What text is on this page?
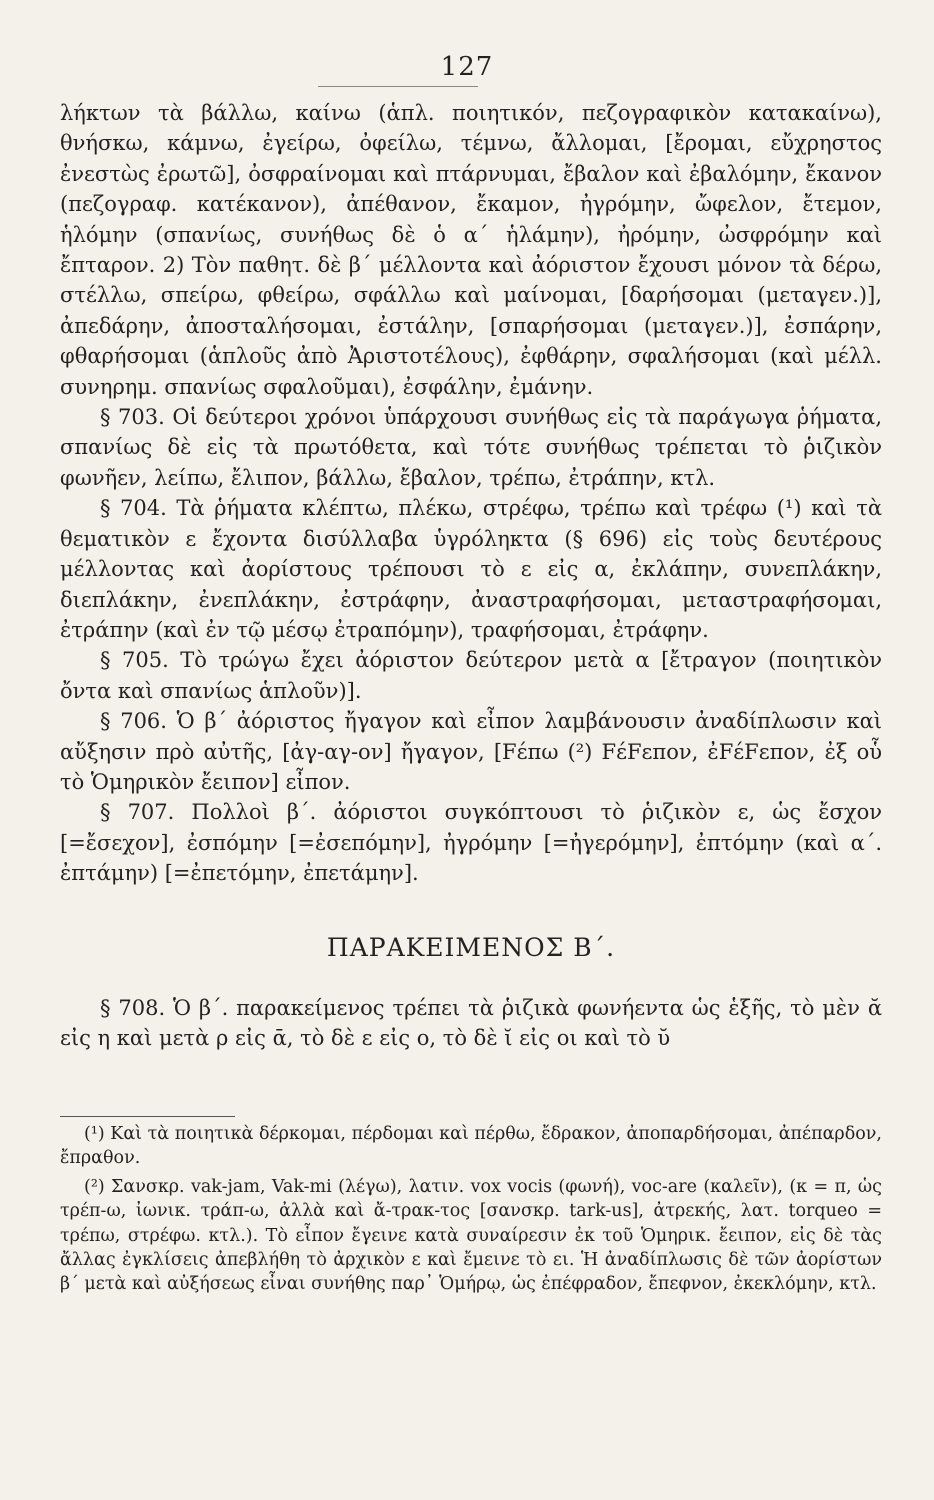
127

λήκτων τὰ βάλλω, καίνω (ἁπλ. ποιητικόν, πεζογραφικὸν κατακαίνω), θνήσκω, κάμνω, ἐγείρω, ὀφείλω, τέμνω, ἄλλομαι, [ἔρομαι, εὔχρηστος ἐνεστὼς ἐρωτῶ], ὀσφραίνομαι καὶ πτάρνυμαι, ἔβαλον καὶ ἐβαλόμην, ἔκανον (πεζογραφ. κατέκανον), ἀπέθανον, ἔκαμον, ἠγρόμην, ὤφελον, ἔτεμον, ἡλόμην (σπανίως, συνήθως δὲ ὁ α΄ ἡλάμην), ἠρόμην, ὠσφρόμην καὶ ἔπταρον. 2) Τὸν παθητ. δὲ β΄ μέλλοντα καὶ ἀόριστον ἔχουσι μόνον τὰ δέρω, στέλλω, σπείρω, φθείρω, σφάλλω καὶ μαίνομαι, [δαρήσομαι (μεταγεν.)], ἀπεδάρην, ἀποσταλήσομαι, ἐστάλην, [σπαρήσομαι (μεταγεν.)], ἐσπάρην, φθαρήσομαι (ἁπλοῦς ἀπὸ Ἀριστοτέλους), ἐφθάρην, σφαλήσομαι (καὶ μέλλ. συνηρημ. σπανίως σφαλοῦμαι), ἐσφάλην, ἐμάνην.

§ 703. Οἱ δεύτεροι χρόνοι ὑπάρχουσι συνήθως εἰς τὰ παράγωγα ῥήματα, σπανίως δὲ εἰς τὰ πρωτόθετα, καὶ τότε συνήθως τρέπεται τὸ ῥιζικὸν φωνῆεν, λείπω, ἔλιπον, βάλλω, ἔβαλον, τρέπω, ἐτράπην, κτλ.

§ 704. Τὰ ῥήματα κλέπτω, πλέκω, στρέφω, τρέπω καὶ τρέφω (¹) καὶ τὰ θεματικὸν ε ἔχοντα δισύλλαβα ὑγρόληκτα (§ 696) εἰς τοὺς δευτέρους μέλλοντας καὶ ἀορίστους τρέπουσι τὸ ε εἰς α, ἐκλάπην, συνεπλάκην, διεπλάκην, ἐνεπλάκην, ἐστράφην, ἀναστραφήσομαι, μεταστραφήσομαι, ἐτράπην (καὶ ἐν τῷ μέσῳ ἐτραπόμην), τραφήσομαι, ἐτράφην.

§ 705. Τὸ τρώγω ἔχει ἀόριστον δεύτερον μετὰ α [ἔτραγον (ποιητικὸν ὄντα καὶ σπανίως ἁπλοῦν)].

§ 706. Ὁ β΄ ἀόριστος ἤγαγον καὶ εἶπον λαμβάνουσιν ἀναδίπλωσιν καὶ αὔξησιν πρὸ αὐτῆς, [ἀγ-αγ-ον] ἤγαγον, [Fέπω (²) FέFεπον, ἐFέFεπον, ἐξ οὗ τὸ Ὁμηρικὸν ἔειπον] εἶπον.

§ 707. Πολλοὶ β΄. ἀόριστοι συγκόπτουσι τὸ ῥιζικὸν ε, ὡς ἔσχον [=ἔσεχον], ἐσπόμην [=ἐσεπόμην], ἠγρόμην [=ἠγερόμην], ἐπτόμην (καὶ α΄. ἐπτάμην) [=ἐπετόμην, ἐπετάμην].

ΠΑΡΑΚΕΙΜΕΝΟΣ Β΄.

§ 708. Ὁ β΄. παρακείμενος τρέπει τὰ ῥιζικὰ φωνήεντα ὡς ἑξῆς, τὸ μὲν ᾰ εἰς η καὶ μετὰ ρ εἰς ᾱ, τὸ δὲ ε εἰς ο, τὸ δὲ ῐ εἰς οι καὶ τὸ ῠ

(¹) Καὶ τὰ ποιητικὰ δέρκομαι, πέρδομαι καὶ πέρθω, ἔδρακον, ἀποπαρδήσομαι, ἀπέπαρδον, ἔπραθον.

(²) Σανσκρ. vak-jam, Vak-mi (λέγω), λατιν. vox vocis (φωνή), voc-are (καλεῖν), (κ = π, ὡς τρέπ-ω, ἰωνικ. τράπ-ω, ἀλλὰ καὶ ἄ-τρακ-τος [σανσκρ. tark-us], ἀτρεκής, λατ. torqueo = τρέπω, στρέφω. κτλ.). Τὸ εἶπον ἔγεινε κατὰ συναίρεσιν ἐκ τοῦ Ὁμηρικ. ἔειπον, εἰς δὲ τὰς ἄλλας ἐγκλίσεις ἀπεβλήθη τὸ ἀρχικὸν ε καὶ ἔμεινε τὸ ει. Ἡ ἀναδίπλωσις δὲ τῶν ἀορίστων β΄ μετὰ καὶ αὐξήσεως εἶναι συνήθης παρ᾽ Ὁμήρῳ, ὡς ἐπέφραδον, ἔπεφνον, ἐκεκλόμην, κτλ.
